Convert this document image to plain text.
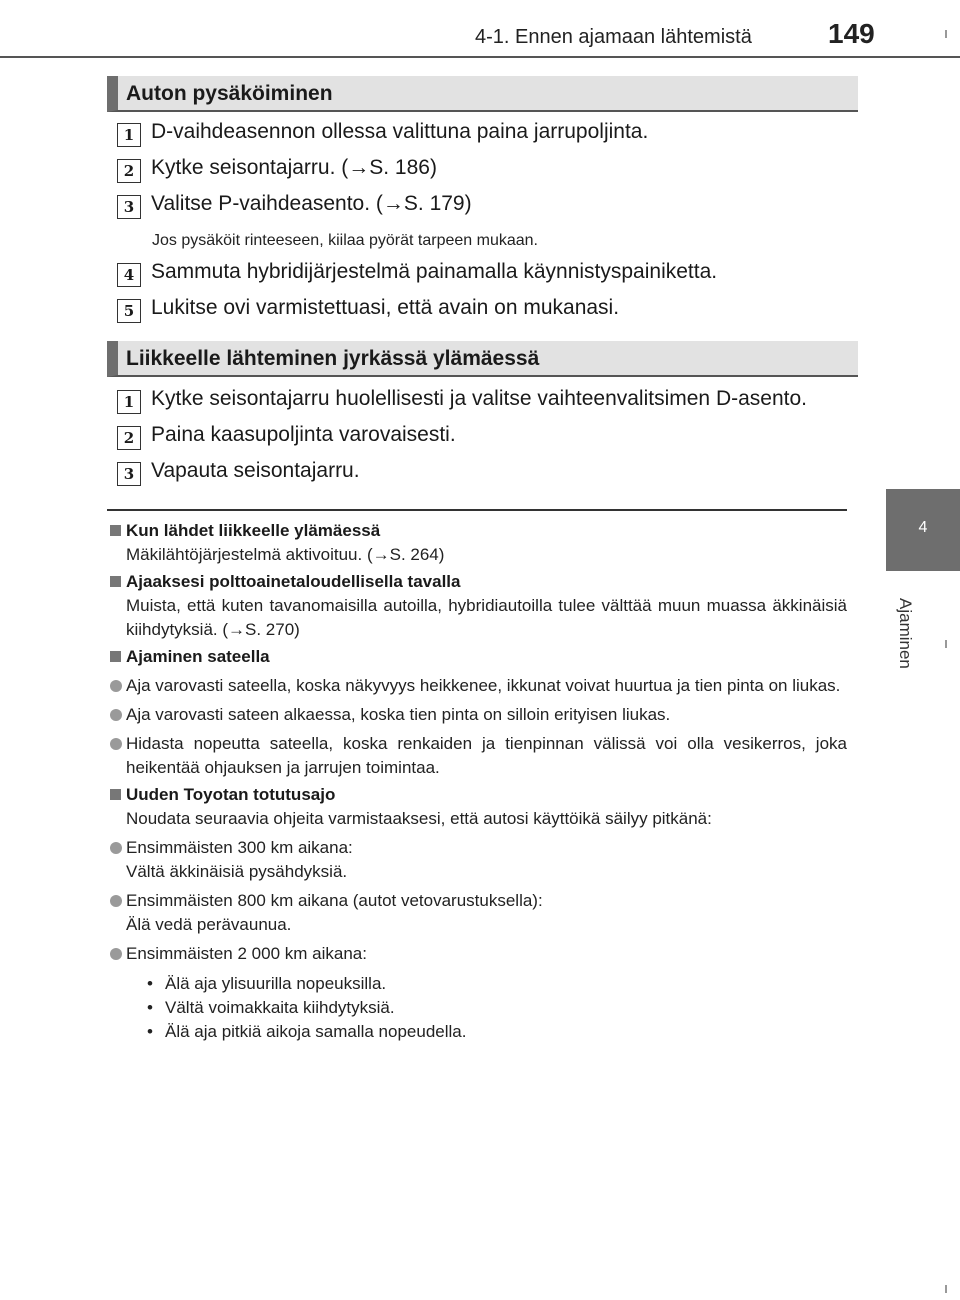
4-1. Ennen ajamaan lähtemistä	149
4
Ajaminen
Auton pysäköiminen
1 D-vaihdeasennon ollessa valittuna paina jarrupoljinta.
2 Kytke seisontajarru. (→S. 186)
3 Valitse P-vaihdeasento. (→S. 179)
Jos pysäköit rinteeseen, kiilaa pyörät tarpeen mukaan.
4 Sammuta hybridijärjestelmä painamalla käynnistyspainiketta.
5 Lukitse ovi varmistettuasi, että avain on mukanasi.
Liikkeelle lähteminen jyrkässä ylämäessä
1 Kytke seisontajarru huolellisesti ja valitse vaihteenvalitsimen D-asento.
2 Paina kaasupoljinta varovaisesti.
3 Vapauta seisontajarru.
Kun lähdet liikkeelle ylämäessä
Mäkilähtöjärjestelmä aktivoituu. (→S. 264)
Ajaaksesi polttoainetaloudellisella tavalla
Muista, että kuten tavanomaisilla autoilla, hybridiautoilla tulee välttää muun muassa äkkinäisiä kiihdytyksiä. (→S. 270)
Ajaminen sateella
Aja varovasti sateella, koska näkyvyys heikkenee, ikkunat voivat huurtua ja tien pinta on liukas.
Aja varovasti sateen alkaessa, koska tien pinta on silloin erityisen liukas.
Hidasta nopeutta sateella, koska renkaiden ja tienpinnan välissä voi olla vesikerros, joka heikentää ohjauksen ja jarrujen toimintaa.
Uuden Toyotan totutusajo
Noudata seuraavia ohjeita varmistaaksesi, että autosi käyttöikä säilyy pitkänä:
Ensimmäisten 300 km aikana:
Vältä äkkinäisiä pysähdyksiä.
Ensimmäisten 800 km aikana (autot vetovarustuksella):
Älä vedä perävaunua.
Ensimmäisten 2 000 km aikana:
• Älä aja ylisuurilla nopeuksilla.
• Vältä voimakkaita kiihdytyksiä.
• Älä aja pitkiä aikoja samalla nopeudella.
